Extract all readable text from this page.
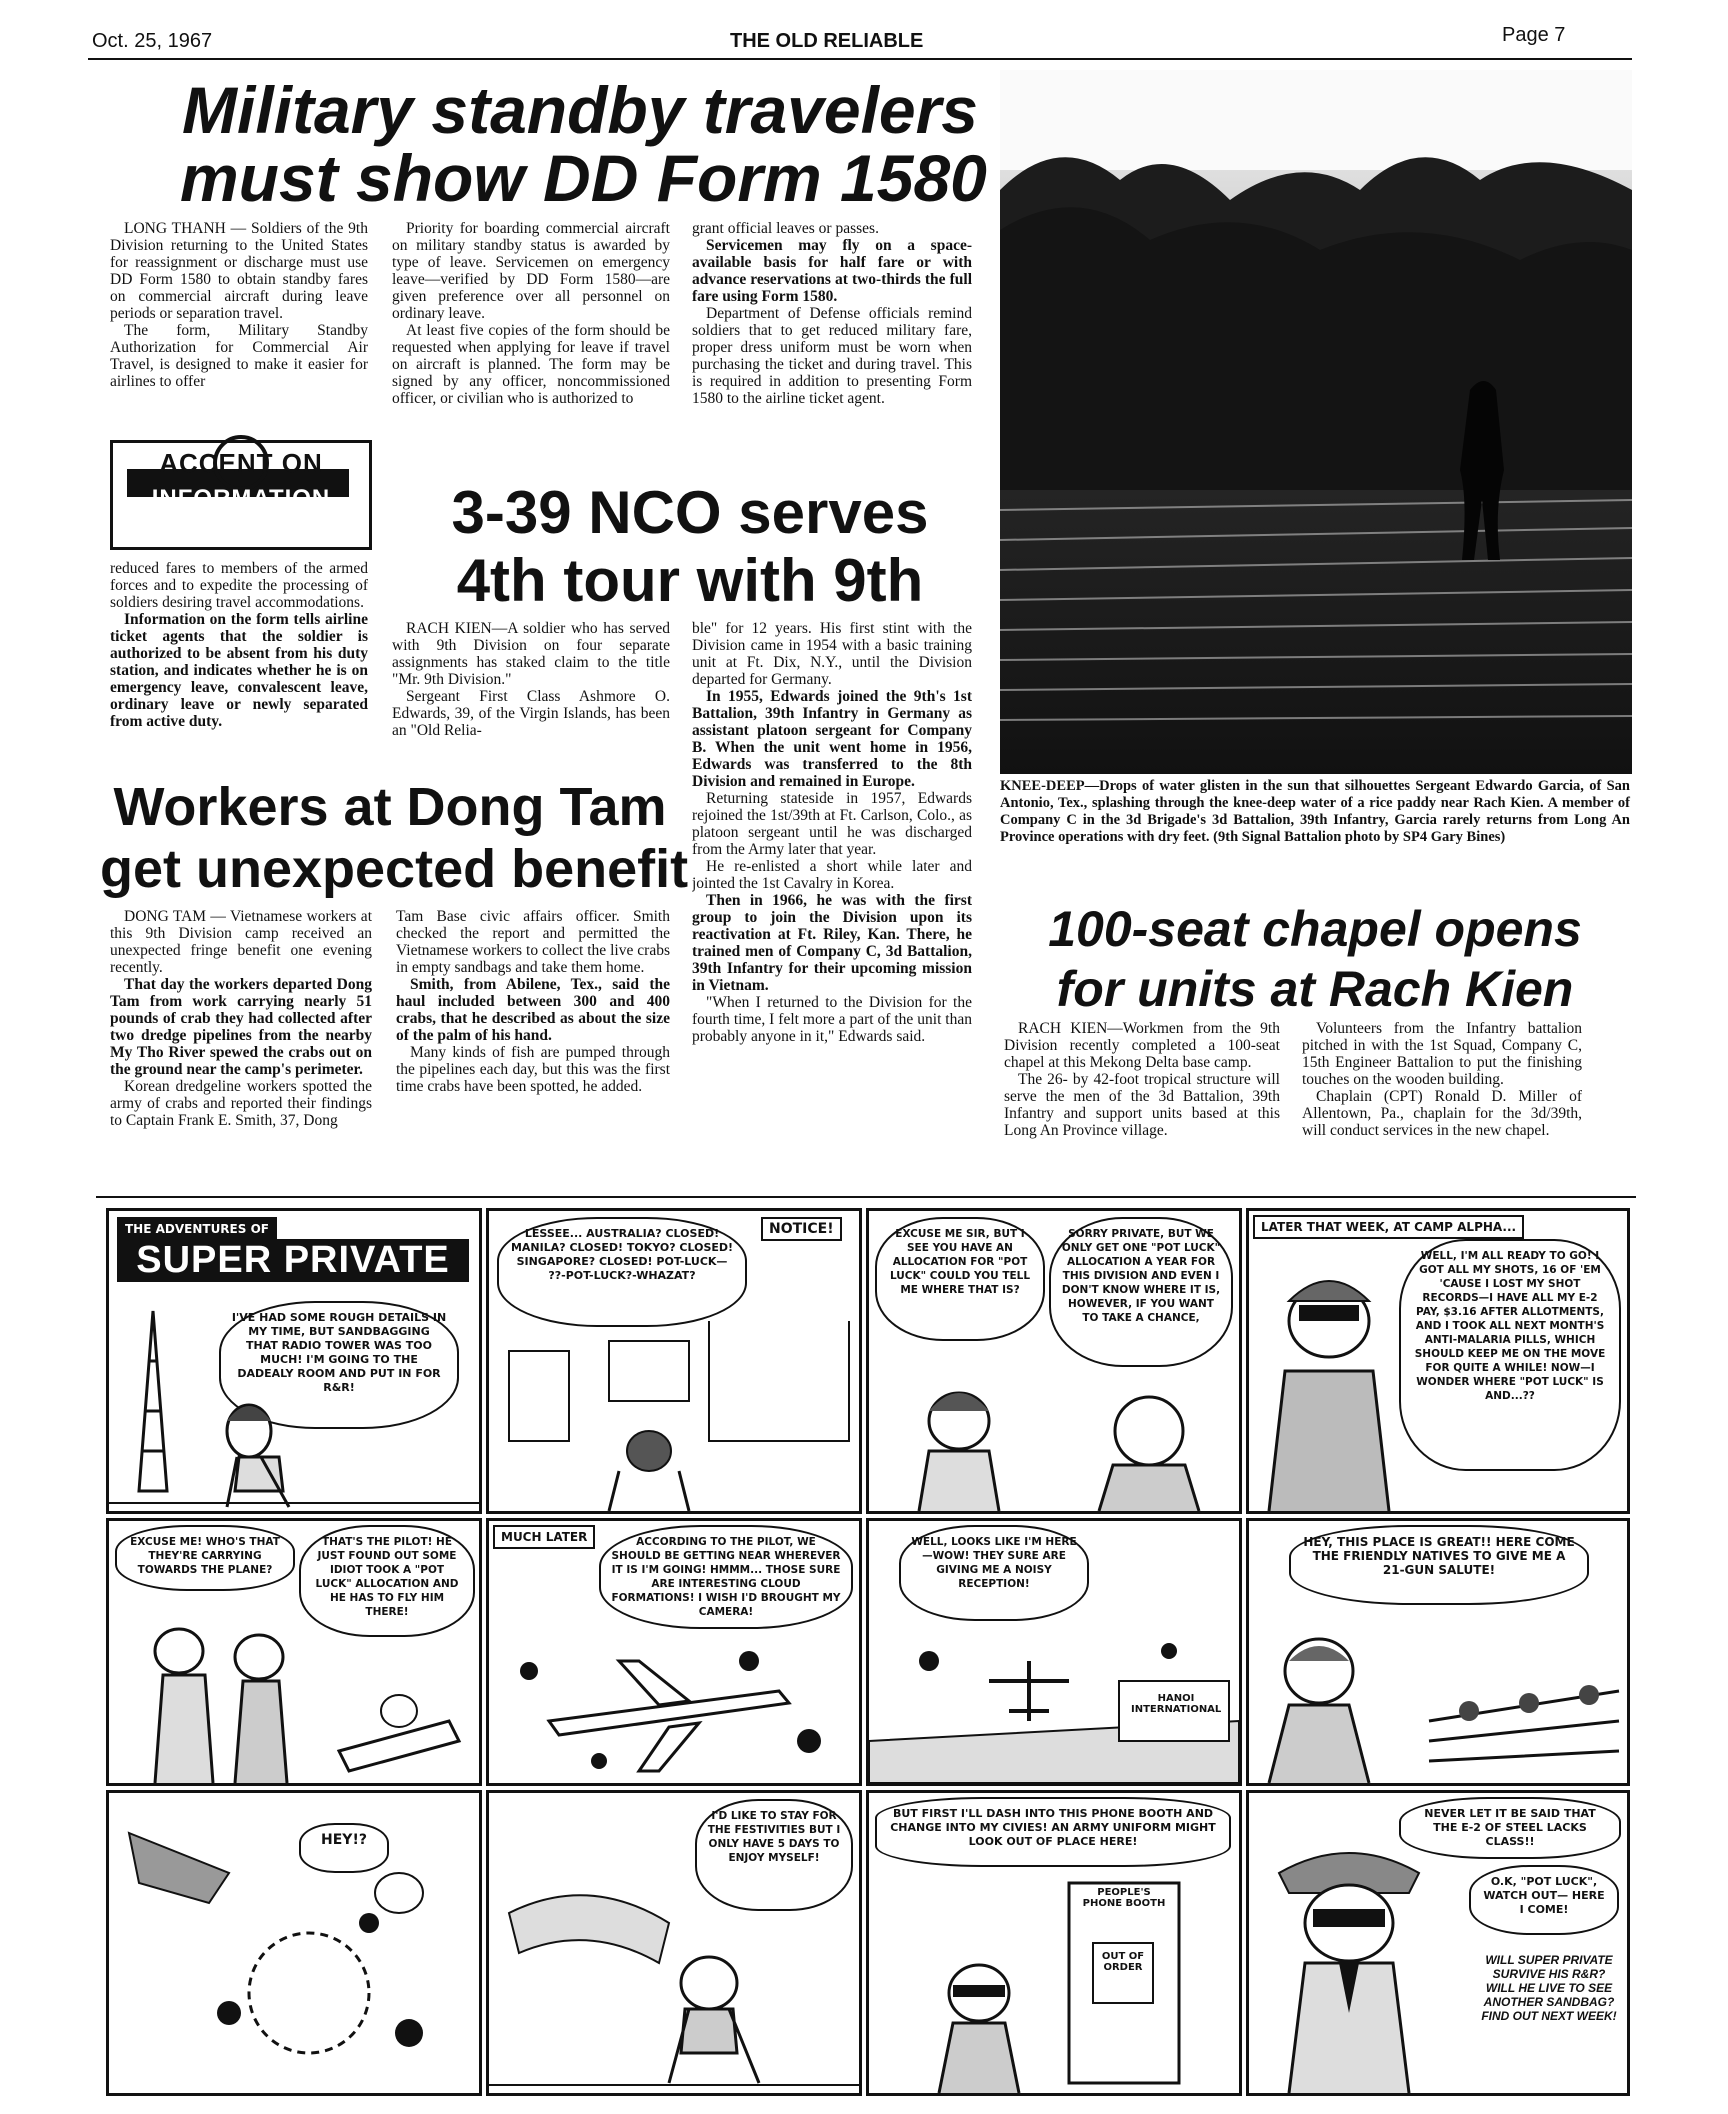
Oct. 25, 1967	THE OLD RELIABLE	Page 7
Military standby travelers
must show DD Form 1580

LONG THANH — Soldiers of the 9th Division returning to the United States for reassignment or discharge must use DD Form 1580 to obtain standby fares on commercial aircraft during leave periods or separation travel.

The form, Military Standby Authorization for Commercial Air Travel, is designed to make it easier for airlines to offer

ACCENT ON
INFORMATION

reduced fares to members of the armed forces and to expedite the processing of soldiers desiring travel accommodations.

Information on the form tells airline ticket agents that the soldier is authorized to be absent from his duty station, and indicates whether he is on emergency leave, convalescent leave, ordinary leave or newly separated from active duty.

Priority for boarding commercial aircraft on military standby status is awarded by type of leave. Servicemen on emergency leave—verified by DD Form 1580—are given preference over all personnel on ordinary leave.

At least five copies of the form should be requested when applying for leave if travel on aircraft is planned. The form may be signed by any officer, noncommissioned officer, or civilian who is authorized to

grant official leaves or passes.

Servicemen may fly on a space-available basis for half fare or with advance reservations at two-thirds the full fare using Form 1580.

Department of Defense officials remind soldiers that to get reduced military fare, proper dress uniform must be worn when purchasing the ticket and during travel. This is required in addition to presenting Form 1580 to the airline ticket agent.

3-39 NCO serves
4th tour with 9th

RACH KIEN—A soldier who has served with 9th Division on four separate assignments has staked claim to the title "Mr. 9th Division."

Sergeant First Class Ashmore O. Edwards, 39, of the Virgin Islands, has been an "Old Relia-

ble" for 12 years. His first stint with the Division came in 1954 with a basic training unit at Ft. Dix, N.Y., until the Division departed for Germany.

In 1955, Edwards joined the 9th's 1st Battalion, 39th Infantry in Germany as assistant platoon sergeant for Company B. When the unit went home in 1956, Edwards was transferred to the 8th Division and remained in Europe.

Returning stateside in 1957, Edwards rejoined the 1st/39th at Ft. Carlson, Colo., as platoon sergeant until he was discharged from the Army later that year.

He re-enlisted a short while later and jointed the 1st Cavalry in Korea.

Then in 1966, he was with the first group to join the Division upon its reactivation at Ft. Riley, Kan. There, he trained men of Company C, 3d Battalion, 39th Infantry for their upcoming mission in Vietnam.

"When I returned to the Division for the fourth time, I felt more a part of the unit than probably anyone in it," Edwards said.

Workers at Dong Tam
get unexpected benefit

DONG TAM — Vietnamese workers at this 9th Division camp received an unexpected fringe benefit one evening recently.

That day the workers departed Dong Tam from work carrying nearly 51 pounds of crab they had collected after two dredge pipelines from the nearby My Tho River spewed the crabs out on the ground near the camp's perimeter.

Korean dredgeline workers spotted the army of crabs and reported their findings to Captain Frank E. Smith, 37, Dong

Tam Base civic affairs officer. Smith checked the report and permitted the Vietnamese workers to collect the live crabs in empty sandbags and take them home.

Smith, from Abilene, Tex., said the haul included between 300 and 400 crabs, that he described as about the size of the palm of his hand.

Many kinds of fish are pumped through the pipelines each day, but this was the first time crabs have been spotted, he added.

KNEE-DEEP—Drops of water glisten in the sun that silhouettes Sergeant Edwardo Garcia, of San Antonio, Tex., splashing through the knee-deep water of a rice paddy near Rach Kien. A member of Company C in the 3d Brigade's 3d Battalion, 39th Infantry, Garcia rarely returns from Long An Province operations with dry feet. (9th Signal Battalion photo by SP4 Gary Bines)
100-seat chapel opens
for units at Rach Kien

RACH KIEN—Workmen from the 9th Division recently completed a 100-seat chapel at this Mekong Delta base camp.

The 26- by 42-foot tropical structure will serve the men of the 3d Battalion, 39th Infantry and support units based at this Long An Province village.

Volunteers from the Infantry battalion pitched in with the 1st Squad, Company C, 15th Engineer Battalion to put the finishing touches on the wooden building.

Chaplain (CPT) Ronald D. Miller of Allentown, Pa., chaplain for the 3d/39th, will conduct services in the new chapel.

THE ADVENTURES OF
SUPER PRIVATE
I'VE HAD SOME ROUGH DETAILS IN MY TIME, BUT SANDBAGGING THAT RADIO TOWER WAS TOO MUCH! I'M GOING TO THE DADEALY ROOM AND PUT IN FOR R&R!
LESSEE... AUSTRALIA? CLOSED! MANILA? CLOSED! TOKYO? CLOSED! SINGAPORE? CLOSED! POT-LUCK— ??-POT-LUCK?-WHAZAT?
NOTICE!	EXCUSE ME SIR, BUT I SEE YOU HAVE AN ALLOCATION FOR "POT LUCK" COULD YOU TELL ME WHERE THAT IS?
SORRY PRIVATE, BUT WE ONLY GET ONE "POT LUCK" ALLOCATION A YEAR FOR THIS DIVISION AND EVEN I DON'T KNOW WHERE IT IS, HOWEVER, IF YOU WANT TO TAKE A CHANCE,
LATER THAT WEEK, AT CAMP ALPHA...
WELL, I'M ALL READY TO GO! I GOT ALL MY SHOTS, 16 OF 'EM 'CAUSE I LOST MY SHOT RECORDS—I HAVE ALL MY E-2 PAY, $3.16 AFTER ALLOTMENTS, AND I TOOK ALL NEXT MONTH'S ANTI-MALARIA PILLS, WHICH SHOULD KEEP ME ON THE MOVE FOR QUITE A WHILE! NOW—I WONDER WHERE "POT LUCK" IS AND...??
EXCUSE ME! WHO'S THAT THEY'RE CARRYING TOWARDS THE PLANE?
THAT'S THE PILOT! HE JUST FOUND OUT SOME IDIOT TOOK A "POT LUCK" ALLOCATION AND HE HAS TO FLY HIM THERE!
MUCH LATER	ACCORDING TO THE PILOT, WE SHOULD BE GETTING NEAR WHEREVER IT IS I'M GOING! HMMM... THOSE SURE ARE INTERESTING CLOUD FORMATIONS! I WISH I'D BROUGHT MY CAMERA!
WELL, LOOKS LIKE I'M HERE—WOW! THEY SURE ARE GIVING ME A NOISY RECEPTION!
HANOI INTERNATIONAL
HEY, THIS PLACE IS GREAT!! HERE COME THE FRIENDLY NATIVES TO GIVE ME A 21-GUN SALUTE!
HEY!?
I'D LIKE TO STAY FOR THE FESTIVITIES BUT I ONLY HAVE 5 DAYS TO ENJOY MYSELF!
BUT FIRST I'LL DASH INTO THIS PHONE BOOTH AND CHANGE INTO MY CIVIES! AN ARMY UNIFORM MIGHT LOOK OUT OF PLACE HERE!
PEOPLE'S PHONE BOOTH
OUT OF ORDER
NEVER LET IT BE SAID THAT THE E-2 OF STEEL LACKS CLASS!!
O.K, "POT LUCK", WATCH OUT— HERE I COME!
WILL SUPER PRIVATE SURVIVE HIS R&R? WILL HE LIVE TO SEE ANOTHER SANDBAG? FIND OUT NEXT WEEK!
